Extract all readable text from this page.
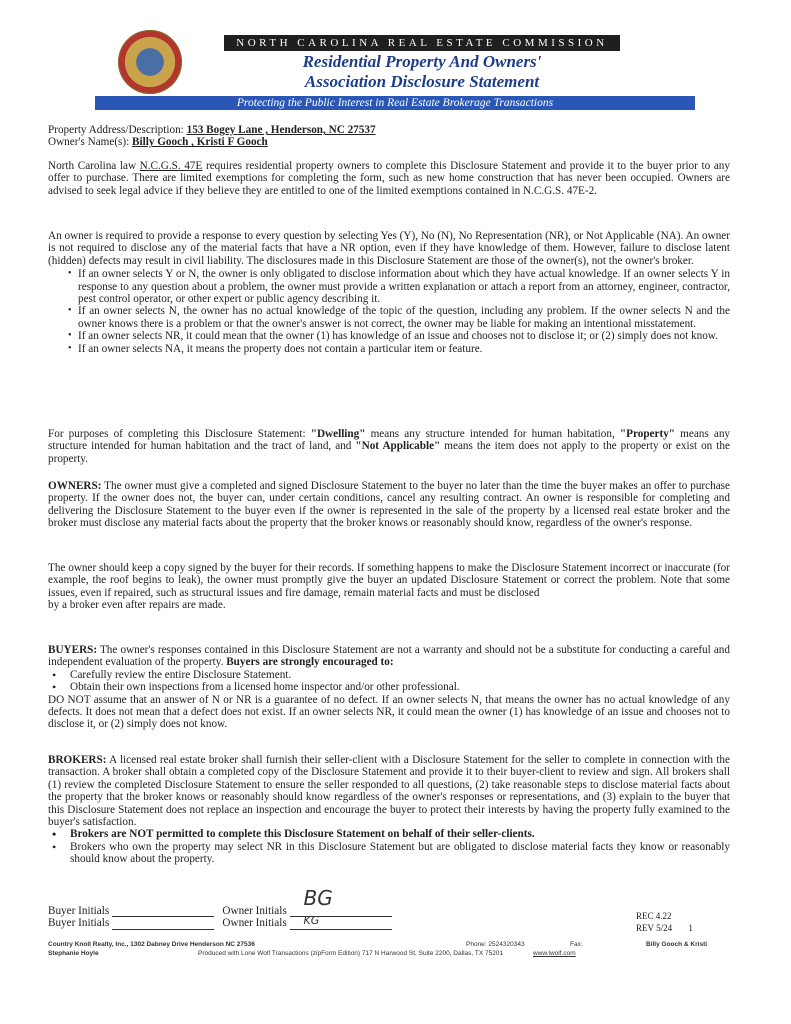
NORTH CAROLINA REAL ESTATE COMMISSION
Residential Property And Owners'
Association Disclosure Statement
Protecting the Public Interest in Real Estate Brokerage Transactions
Property Address/Description: 153 Bogey Lane , Henderson, NC 27537
Owner's Name(s): Billy Gooch , Kristi F Gooch
North Carolina law N.C.G.S. 47E requires residential property owners to complete this Disclosure Statement and provide it to the buyer prior to any offer to purchase. There are limited exemptions for completing the form, such as new home construction that has never been occupied. Owners are advised to seek legal advice if they believe they are entitled to one of the limited exemptions contained in N.C.G.S. 47E-2.

An owner is required to provide a response to every question by selecting Yes (Y), No (N), No Representation (NR), or Not Applicable (NA). An owner is not required to disclose any of the material facts that have a NR option, even if they have knowledge of them. However, failure to disclose latent (hidden) defects may result in civil liability. The disclosures made in this Disclosure Statement are those of the owner(s), not the owner's broker.

• If an owner selects Y or N, the owner is only obligated to disclose information about which they have actual knowledge. If an owner selects Y in response to any question about a problem, the owner must provide a written explanation or attach a report from an attorney, engineer, contractor, pest control operator, or other expert or public agency describing it.
• If an owner selects N, the owner has no actual knowledge of the topic of the question, including any problem. If the owner selects N and the owner knows there is a problem or that the owner's answer is not correct, the owner may be liable for making an intentional misstatement.
• If an owner selects NR, it could mean that the owner (1) has knowledge of an issue and chooses not to disclose it; or (2) simply does not know.
• If an owner selects NA, it means the property does not contain a particular item or feature.
For purposes of completing this Disclosure Statement: "Dwelling" means any structure intended for human habitation, "Property" means any structure intended for human habitation and the tract of land, and "Not Applicable" means the item does not apply to the property or exist on the property.
OWNERS: The owner must give a completed and signed Disclosure Statement to the buyer no later than the time the buyer makes an offer to purchase property. If the owner does not, the buyer can, under certain conditions, cancel any resulting contract. An owner is responsible for completing and delivering the Disclosure Statement to the buyer even if the owner is represented in the sale of the property by a licensed real estate broker and the broker must disclose any material facts about the property that the broker knows or reasonably should know, regardless of the owner's response.

The owner should keep a copy signed by the buyer for their records. If something happens to make the Disclosure Statement incorrect or inaccurate (for example, the roof begins to leak), the owner must promptly give the buyer an updated Disclosure Statement or correct the problem. Note that some issues, even if repaired, such as structural issues and fire damage, remain material facts and must be disclosed

by a broker even after repairs are made.

BUYERS: The owner's responses contained in this Disclosure Statement are not a warranty and should not be a substitute for conducting a careful and independent evaluation of the property. Buyers are strongly encouraged to:

• Carefully review the entire Disclosure Statement.
• Obtain their own inspections from a licensed home inspector and/or other professional.

DO NOT assume that an answer of N or NR is a guarantee of no defect. If an owner selects N, that means the owner has no actual knowledge of any defects. It does not mean that a defect does not exist. If an owner selects NR, it could mean the owner (1) has knowledge of an issue and chooses not to disclose it, or (2) simply does not know.

BROKERS: A licensed real estate broker shall furnish their seller-client with a Disclosure Statement for the seller to complete in connection with the transaction. A broker shall obtain a completed copy of the Disclosure Statement and provide it to their buyer-client to review and sign. All brokers shall (1) review the completed Disclosure Statement to ensure the seller responded to all questions, (2) take reasonable steps to disclose material facts about the property that the broker knows or reasonably should know regardless of the owner's responses or representations, and (3) explain to the buyer that this Disclosure Statement does not replace an inspection and encourage the buyer to protect their interests by having the property fully examined to the buyer's satisfaction.

• Brokers are NOT permitted to complete this Disclosure Statement on behalf of their seller-clients.
• Brokers who own the property may select NR in this Disclosure Statement but are obligated to disclose material facts they know or reasonably should know about the property.
Buyer Initials	Owner Initials
BG
Buyer Initials	Owner Initials KG	REC 4.22
REV 5/24 1
Country Knoll Realty, Inc., 1302 Dabney Drive Henderson NC 27536	Phone: 2524320343	Fax:	Billy Gooch & Kristi
Stephanie Hoyle	Produced with Lone Wolf Transactions (zipForm Edition) 717 N Harwood St, Suite 2200, Dallas, TX 75201	www.lwolf.com
